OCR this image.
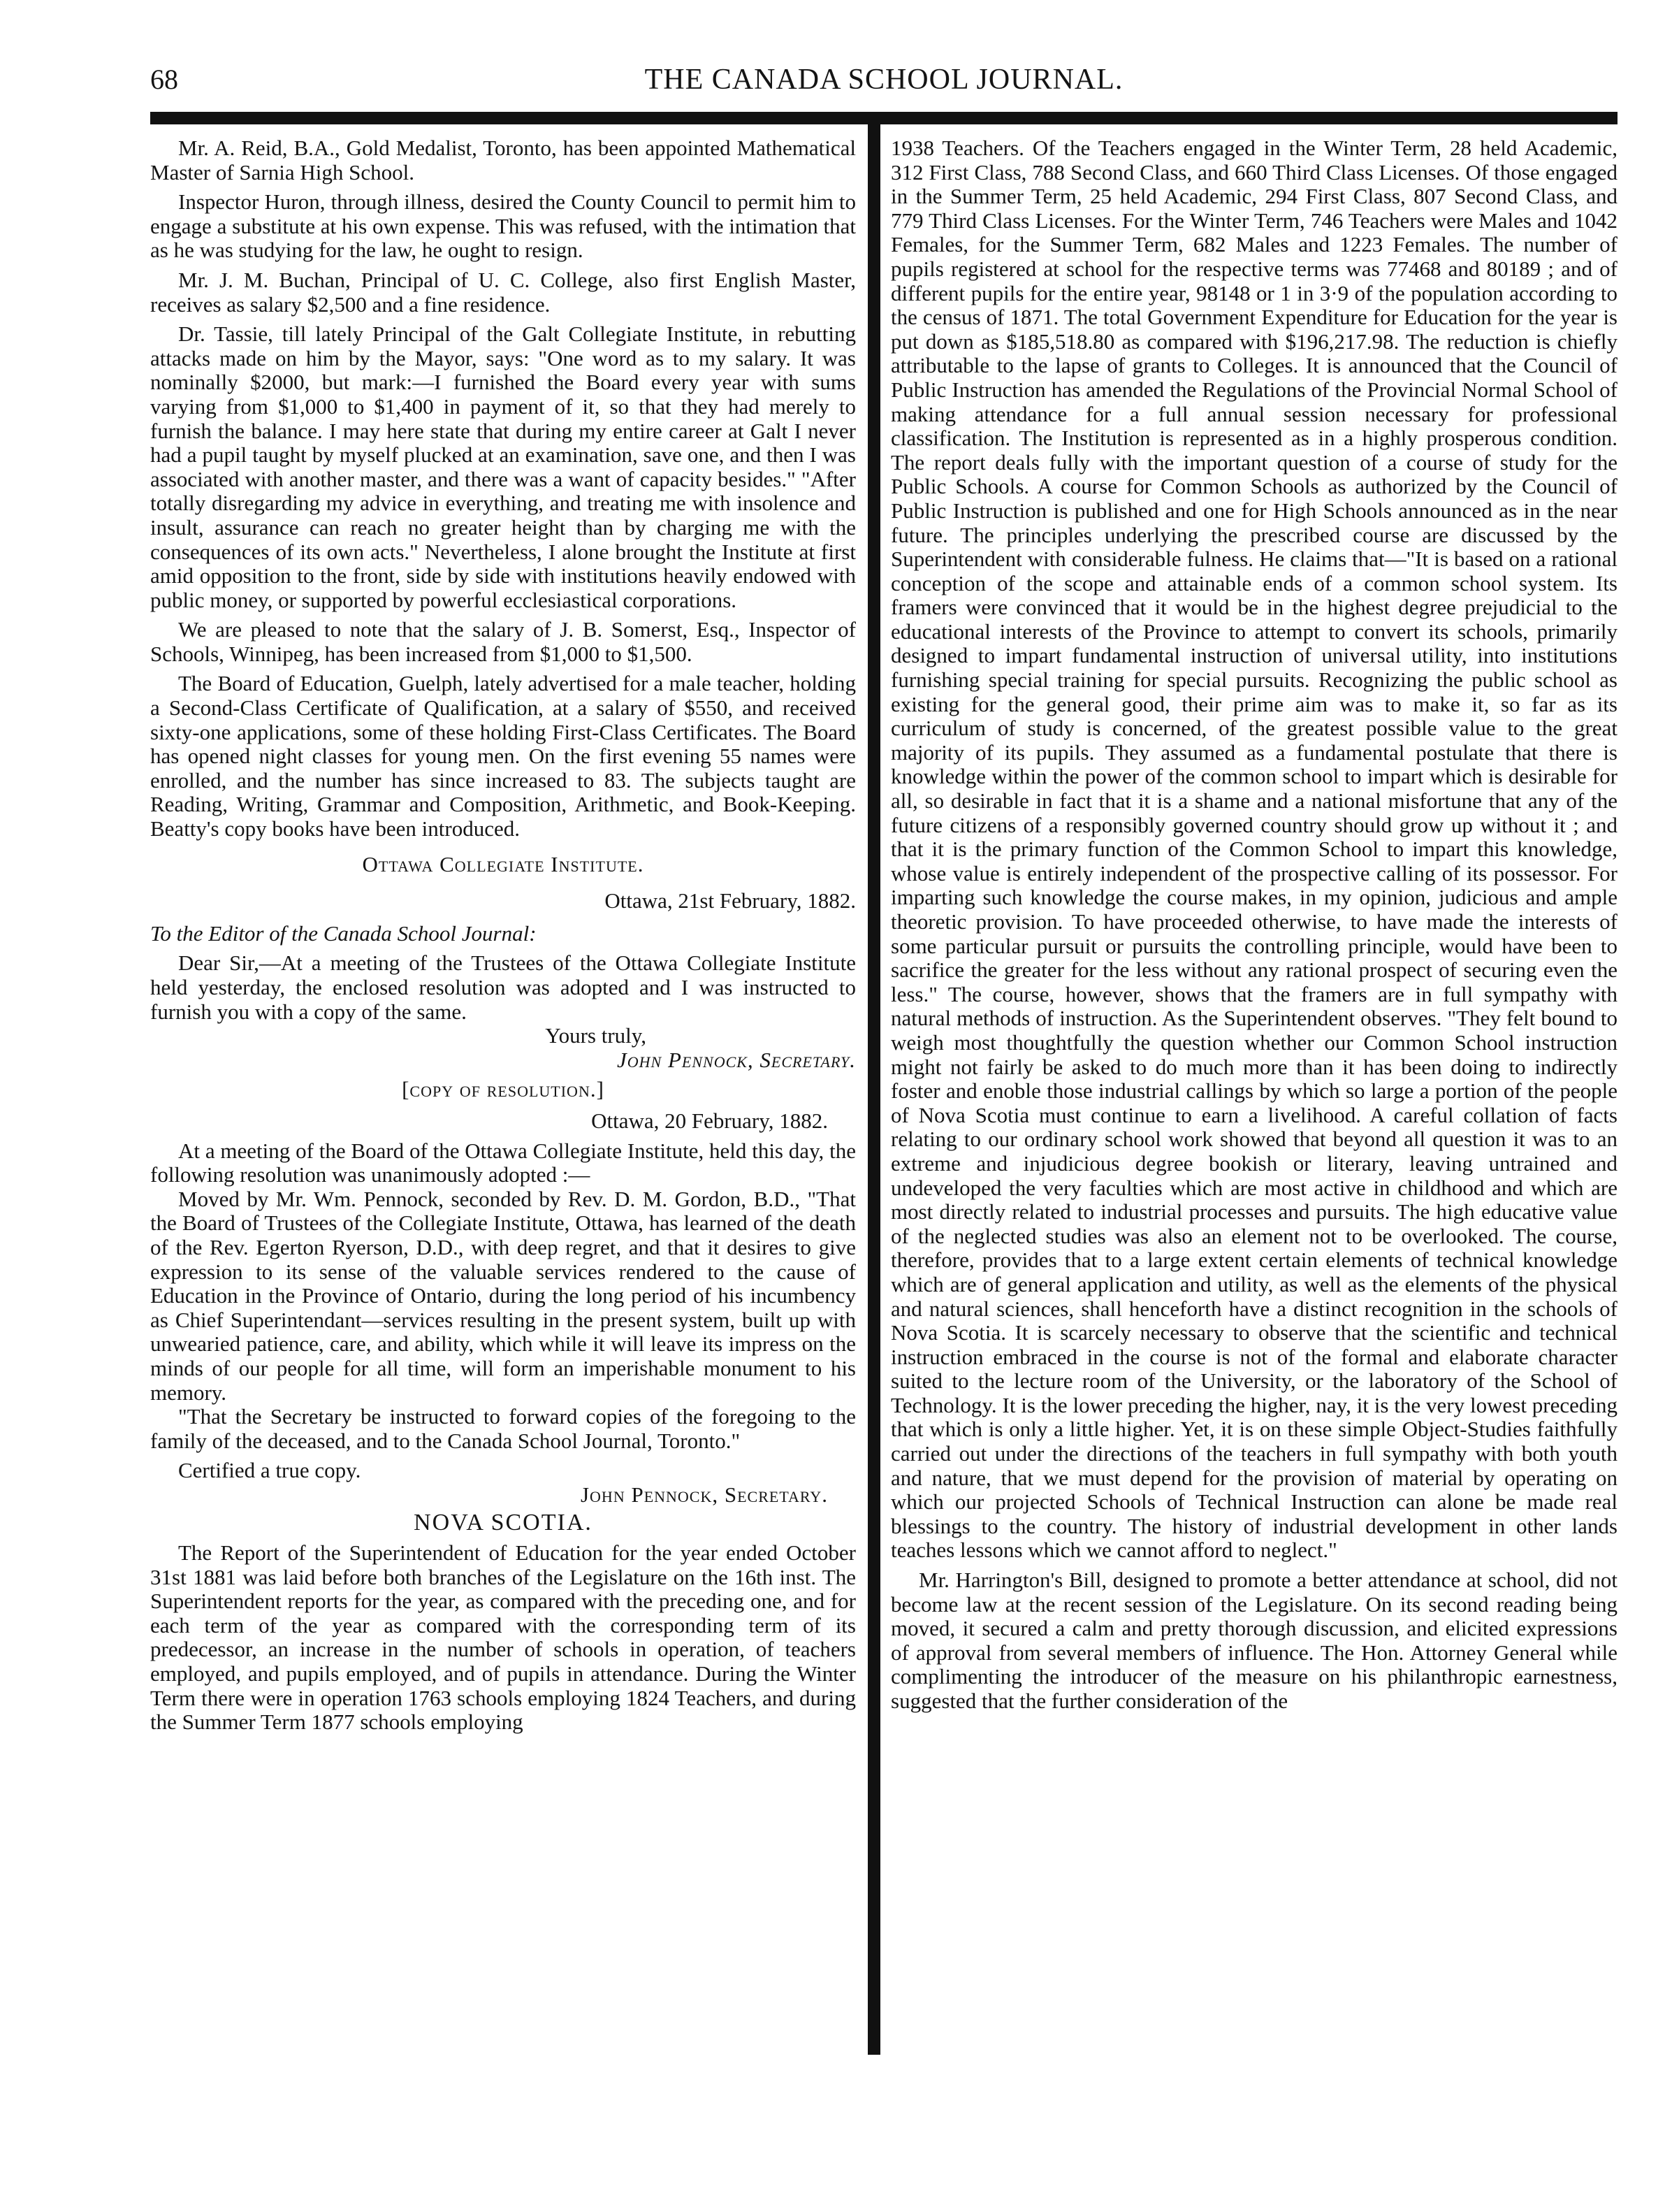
68	THE CANADA SCHOOL JOURNAL.

Mr. A. Reid, B.A., Gold Medalist, Toronto, has been appointed Mathematical Master of Sarnia High School.

Inspector Huron, through illness, desired the County Council to permit him to engage a substitute at his own expense. This was refused, with the intimation that as he was studying for the law, he ought to resign.

Mr. J. M. Buchan, Principal of U. C. College, also first English Master, receives as salary $2,500 and a fine residence.

Dr. Tassie, till lately Principal of the Galt Collegiate Institute, in rebutting attacks made on him by the Mayor, says: "One word as to my salary. It was nominally $2000, but mark:—I furnished the Board every year with sums varying from $1,000 to $1,400 in payment of it, so that they had merely to furnish the balance. I may here state that during my entire career at Galt I never had a pupil taught by myself plucked at an examination, save one, and then I was associated with another master, and there was a want of capacity besides." "After totally disregarding my advice in everything, and treating me with insolence and insult, assurance can reach no greater height than by charging me with the consequences of its own acts." Nevertheless, I alone brought the Institute at first amid opposition to the front, side by side with institutions heavily endowed with public money, or supported by powerful ecclesiastical corporations.

We are pleased to note that the salary of J. B. Somerst, Esq., Inspector of Schools, Winnipeg, has been increased from $1,000 to $1,500.

The Board of Education, Guelph, lately advertised for a male teacher, holding a Second-Class Certificate of Qualification, at a salary of $550, and received sixty-one applications, some of these holding First-Class Certificates. The Board has opened night classes for young men. On the first evening 55 names were enrolled, and the number has since increased to 83. The subjects taught are Reading, Writing, Grammar and Composition, Arithmetic, and Book-Keeping. Beatty's copy books have been introduced.

Ottawa Collegiate Institute.

Ottawa, 21st February, 1882.

To the Editor of the Canada School Journal:

Dear Sir,—At a meeting of the Trustees of the Ottawa Collegiate Institute held yesterday, the enclosed resolution was adopted and I was instructed to furnish you with a copy of the same.

Yours truly,

John Pennock, Secretary.

[copy of resolution.]

Ottawa, 20 February, 1882.

At a meeting of the Board of the Ottawa Collegiate Institute, held this day, the following resolution was unanimously adopted :—

Moved by Mr. Wm. Pennock, seconded by Rev. D. M. Gordon, B.D., "That the Board of Trustees of the Collegiate Institute, Ottawa, has learned of the death of the Rev. Egerton Ryerson, D.D., with deep regret, and that it desires to give expression to its sense of the valuable services rendered to the cause of Education in the Province of Ontario, during the long period of his incumbency as Chief Superintendant—services resulting in the present system, built up with unwearied patience, care, and ability, which while it will leave its impress on the minds of our people for all time, will form an imperishable monument to his memory.

"That the Secretary be instructed to forward copies of the foregoing to the family of the deceased, and to the Canada School Journal, Toronto."

Certified a true copy.

John Pennock, Secretary.

NOVA SCOTIA.

The Report of the Superintendent of Education for the year ended October 31st 1881 was laid before both branches of the Legislature on the 16th inst. The Superintendent reports for the year, as compared with the preceding one, and for each term of the year as compared with the corresponding term of its predecessor, an increase in the number of schools in operation, of teachers employed, and pupils employed, and of pupils in attendance. During the Winter Term there were in operation 1763 schools employing 1824 Teachers, and during the Summer Term 1877 schools employing

1938 Teachers. Of the Teachers engaged in the Winter Term, 28 held Academic, 312 First Class, 788 Second Class, and 660 Third Class Licenses. Of those engaged in the Summer Term, 25 held Academic, 294 First Class, 807 Second Class, and 779 Third Class Licenses. For the Winter Term, 746 Teachers were Males and 1042 Females, for the Summer Term, 682 Males and 1223 Females. The number of pupils registered at school for the respective terms was 77468 and 80189 ; and of different pupils for the entire year, 98148 or 1 in 3·9 of the population according to the census of 1871. The total Government Expenditure for Education for the year is put down as $185,518.80 as compared with $196,217.98. The reduction is chiefly attributable to the lapse of grants to Colleges. It is announced that the Council of Public Instruction has amended the Regulations of the Provincial Normal School of making attendance for a full annual session necessary for professional classification. The Institution is represented as in a highly prosperous condition. The report deals fully with the important question of a course of study for the Public Schools. A course for Common Schools as authorized by the Council of Public Instruction is published and one for High Schools announced as in the near future. The principles underlying the prescribed course are discussed by the Superintendent with considerable fulness. He claims that—"It is based on a rational conception of the scope and attainable ends of a common school system. Its framers were convinced that it would be in the highest degree prejudicial to the educational interests of the Province to attempt to convert its schools, primarily designed to impart fundamental instruction of universal utility, into institutions furnishing special training for special pursuits. Recognizing the public school as existing for the general good, their prime aim was to make it, so far as its curriculum of study is concerned, of the greatest possible value to the great majority of its pupils. They assumed as a fundamental postulate that there is knowledge within the power of the common school to impart which is desirable for all, so desirable in fact that it is a shame and a national misfortune that any of the future citizens of a responsibly governed country should grow up without it ; and that it is the primary function of the Common School to impart this knowledge, whose value is entirely independent of the prospective calling of its possessor. For imparting such knowledge the course makes, in my opinion, judicious and ample theoretic provision. To have proceeded otherwise, to have made the interests of some particular pursuit or pursuits the controlling principle, would have been to sacrifice the greater for the less without any rational prospect of securing even the less." The course, however, shows that the framers are in full sympathy with natural methods of instruction. As the Superintendent observes. "They felt bound to weigh most thoughtfully the question whether our Common School instruction might not fairly be asked to do much more than it has been doing to indirectly foster and enoble those industrial callings by which so large a portion of the people of Nova Scotia must continue to earn a livelihood. A careful collation of facts relating to our ordinary school work showed that beyond all question it was to an extreme and injudicious degree bookish or literary, leaving untrained and undeveloped the very faculties which are most active in childhood and which are most directly related to industrial processes and pursuits. The high educative value of the neglected studies was also an element not to be overlooked. The course, therefore, provides that to a large extent certain elements of technical knowledge which are of general application and utility, as well as the elements of the physical and natural sciences, shall henceforth have a distinct recognition in the schools of Nova Scotia. It is scarcely necessary to observe that the scientific and technical instruction embraced in the course is not of the formal and elaborate character suited to the lecture room of the University, or the laboratory of the School of Technology. It is the lower preceding the higher, nay, it is the very lowest preceding that which is only a little higher. Yet, it is on these simple Object-Studies faithfully carried out under the directions of the teachers in full sympathy with both youth and nature, that we must depend for the provision of material by operating on which our projected Schools of Technical Instruction can alone be made real blessings to the country. The history of industrial development in other lands teaches lessons which we cannot afford to neglect."

Mr. Harrington's Bill, designed to promote a better attendance at school, did not become law at the recent session of the Legislature. On its second reading being moved, it secured a calm and pretty thorough discussion, and elicited expressions of approval from several members of influence. The Hon. Attorney General while complimenting the introducer of the measure on his philanthropic earnestness, suggested that the further consideration of the
